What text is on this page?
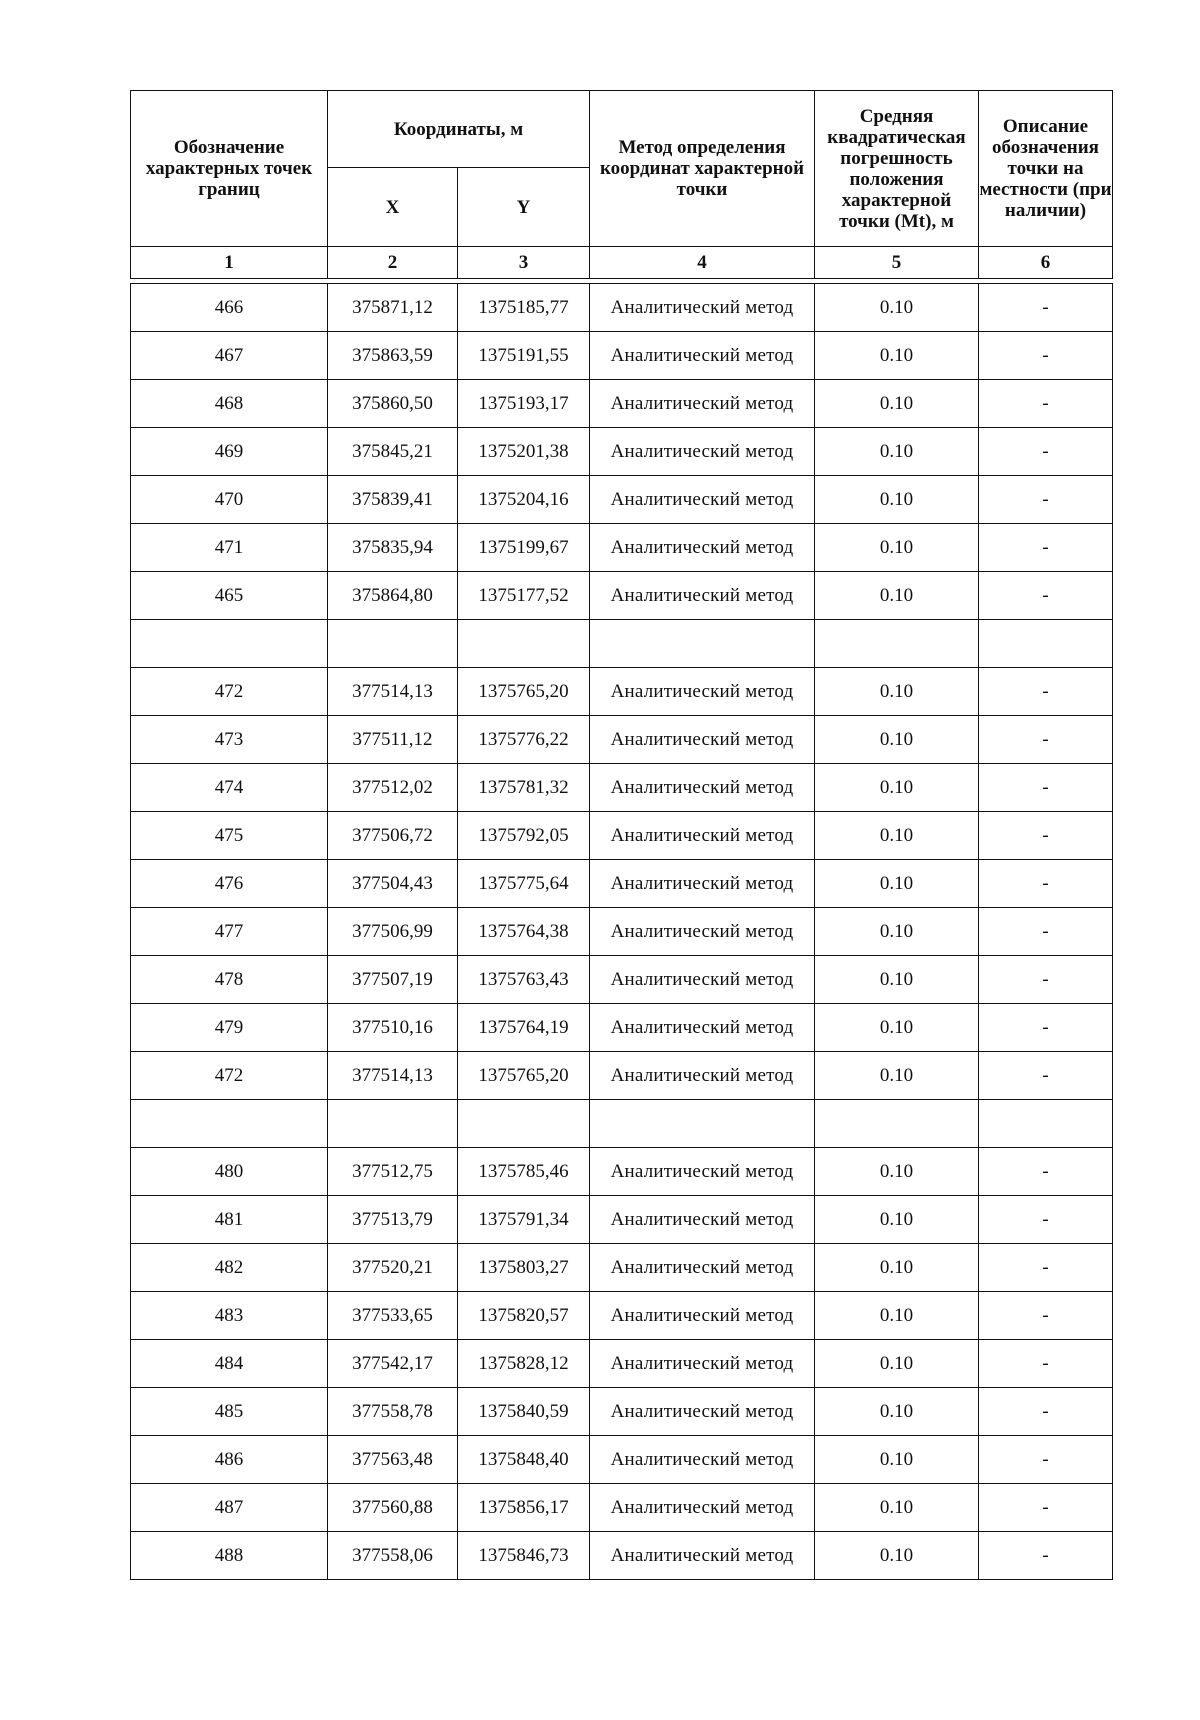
Обозначение характерных точек границ	Координаты, м		Метод определения координат характерной точки	Средняя квадратическая погрешность положения характерной точки (Mt), м	Описание обозначения точки на местности (при наличии)
	X	Y			
1	2	3	4	5	6

466	375871,12	1375185,77	Аналитический метод	0.10	-
467	375863,59	1375191,55	Аналитический метод	0.10	-
468	375860,50	1375193,17	Аналитический метод	0.10	-
469	375845,21	1375201,38	Аналитический метод	0.10	-
470	375839,41	1375204,16	Аналитический метод	0.10	-
471	375835,94	1375199,67	Аналитический метод	0.10	-
465	375864,80	1375177,52	Аналитический метод	0.10	-

472	377514,13	1375765,20	Аналитический метод	0.10	-
473	377511,12	1375776,22	Аналитический метод	0.10	-
474	377512,02	1375781,32	Аналитический метод	0.10	-
475	377506,72	1375792,05	Аналитический метод	0.10	-
476	377504,43	1375775,64	Аналитический метод	0.10	-
477	377506,99	1375764,38	Аналитический метод	0.10	-
478	377507,19	1375763,43	Аналитический метод	0.10	-
479	377510,16	1375764,19	Аналитический метод	0.10	-
472	377514,13	1375765,20	Аналитический метод	0.10	-

480	377512,75	1375785,46	Аналитический метод	0.10	-
481	377513,79	1375791,34	Аналитический метод	0.10	-
482	377520,21	1375803,27	Аналитический метод	0.10	-
483	377533,65	1375820,57	Аналитический метод	0.10	-
484	377542,17	1375828,12	Аналитический метод	0.10	-
485	377558,78	1375840,59	Аналитический метод	0.10	-
486	377563,48	1375848,40	Аналитический метод	0.10	-
487	377560,88	1375856,17	Аналитический метод	0.10	-
488	377558,06	1375846,73	Аналитический метод	0.10	-
